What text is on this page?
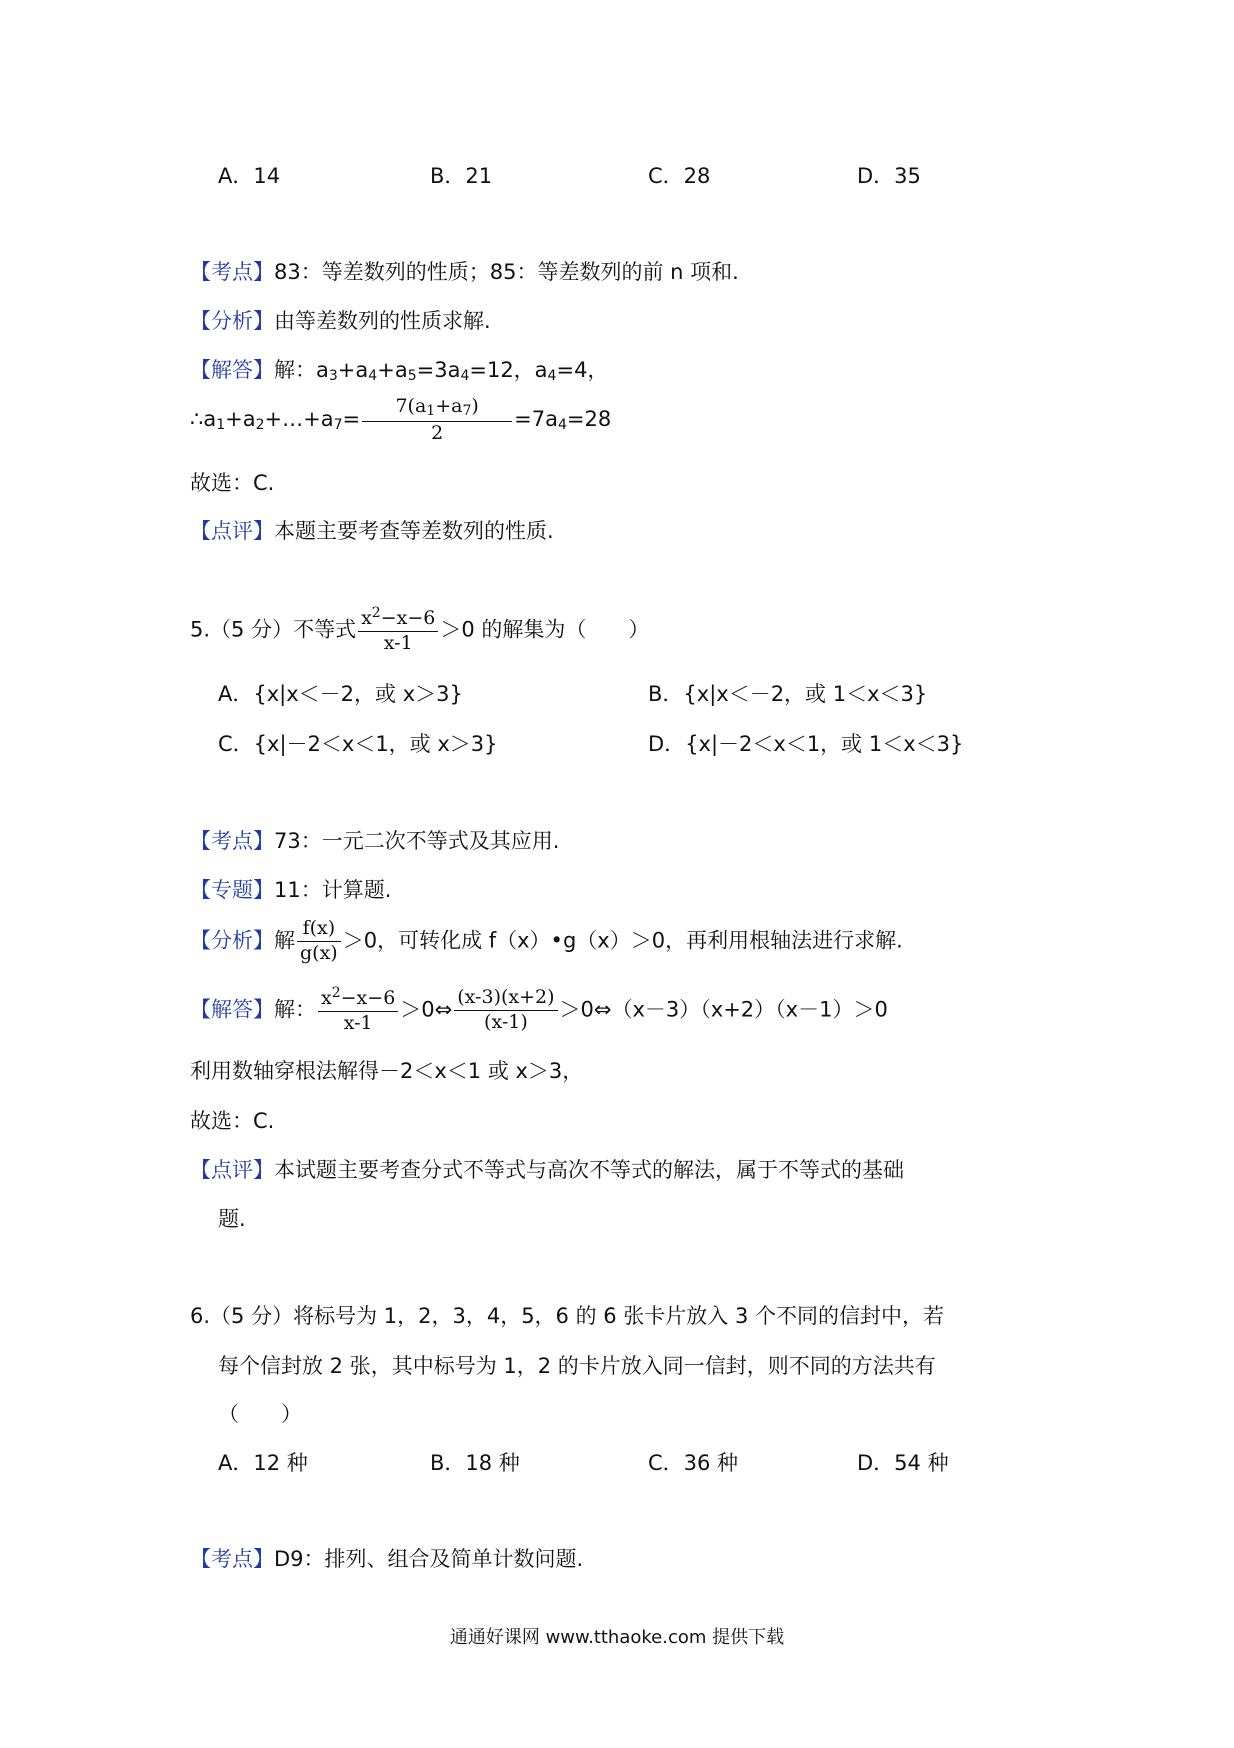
A．14	B．21	C．28	D．35
【考点】83：等差数列的性质；85：等差数列的前 n 项和.
【分析】由等差数列的性质求解.
【解答】解：a3+a4+a5=3a4=12，a4=4，
∴a1+a2+…+a7= $\frac{7(a1+a7)}{2} =7a4=28$
故选：C.
【点评】本题主要考查等差数列的性质.
5.（5 分）不等式 $\frac{x^2-x-6}{x-1} >0$ 的解集为（　　）
A．{x|x＜－2，或 x＞3}	B．{x|x＜－2，或 1＜x＜3}
C．{x|－2＜x＜1，或 x＞3}	D．{x|－2＜x＜1，或 1＜x＜3}
【考点】73：一元二次不等式及其应用.
【专题】11：计算题.
【分析】解 $\frac{f(x)}{g(x)} >0$，可转化成 f（x）•g（x）＞0，再利用根轴法进行求解.
【解答】解： $\frac{x^2-x-6}{x-1}$ ＞0⇔ $\frac{(x-3)(x+2)}{(x-1)}$ ＞0⇔（x－3）（x+2）（x－1）＞0
利用数轴穿根法解得－2＜x＜1 或 x＞3，
故选：C.
【点评】本试题主要考查分式不等式与高次不等式的解法，属于不等式的基础
题.
6.（5 分）将标号为 1，2，3，4，5，6 的 6 张卡片放入 3 个不同的信封中，若
每个信封放 2 张，其中标号为 1，2 的卡片放入同一信封，则不同的方法共有
（　　）
A．12 种	B．18 种	C．36 种	D．54 种
【考点】D9：排列、组合及简单计数问题.
通通好课网 www.tthaoke.com 提供下载
